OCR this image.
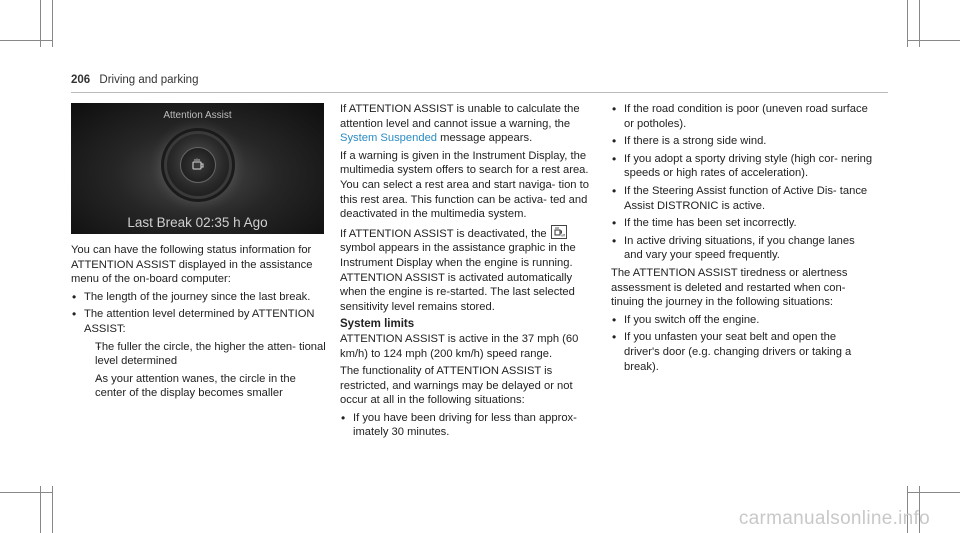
206 Driving and parking
Attention Assist
Last Break 02:35 h Ago

You can have the following status information for ATTENTION ASSIST displayed in the assistance menu of the on-board computer:

• The length of the journey since the last break.
• The attention level determined by ATTENTION ASSIST:
- The fuller the circle, the higher the atten- tional level determined
- As your attention wanes, the circle in the center of the display becomes smaller

If ATTENTION ASSIST is unable to calculate the attention level and cannot issue a warning, the System Suspended message appears.

If a warning is given in the Instrument Display, the multimedia system offers to search for a rest area. You can select a rest area and start naviga- tion to this rest area. This function can be activa- ted and deactivated in the multimedia system.

If ATTENTION ASSIST is deactivated, the	off
symbol appears in the assistance graphic in the Instrument Display when the engine is running. ATTENTION ASSIST is activated automatically when the engine is re-started. The last selected sensitivity level remains stored.

System limits

ATTENTION ASSIST is active in the 37 mph (60 km/h) to 124 mph (200 km/h) speed range.

The functionality of ATTENTION ASSIST is restricted, and warnings may be delayed or not occur at all in the following situations:

• If you have been driving for less than approx- imately 30 minutes.
• If the road condition is poor (uneven road surface or potholes).
• If there is a strong side wind.
• If you adopt a sporty driving style (high cor- nering speeds or high rates of acceleration).
• If the Steering Assist function of Active Dis- tance Assist DISTRONIC is active.
• If the time has been set incorrectly.
• In active driving situations, if you change lanes and vary your speed frequently.

The ATTENTION ASSIST tiredness or alertness assessment is deleted and restarted when con- tinuing the journey in the following situations:

• If you switch off the engine.
• If you unfasten your seat belt and open the driver's door (e.g. changing drivers or taking a break).
carmanualsonline.info
